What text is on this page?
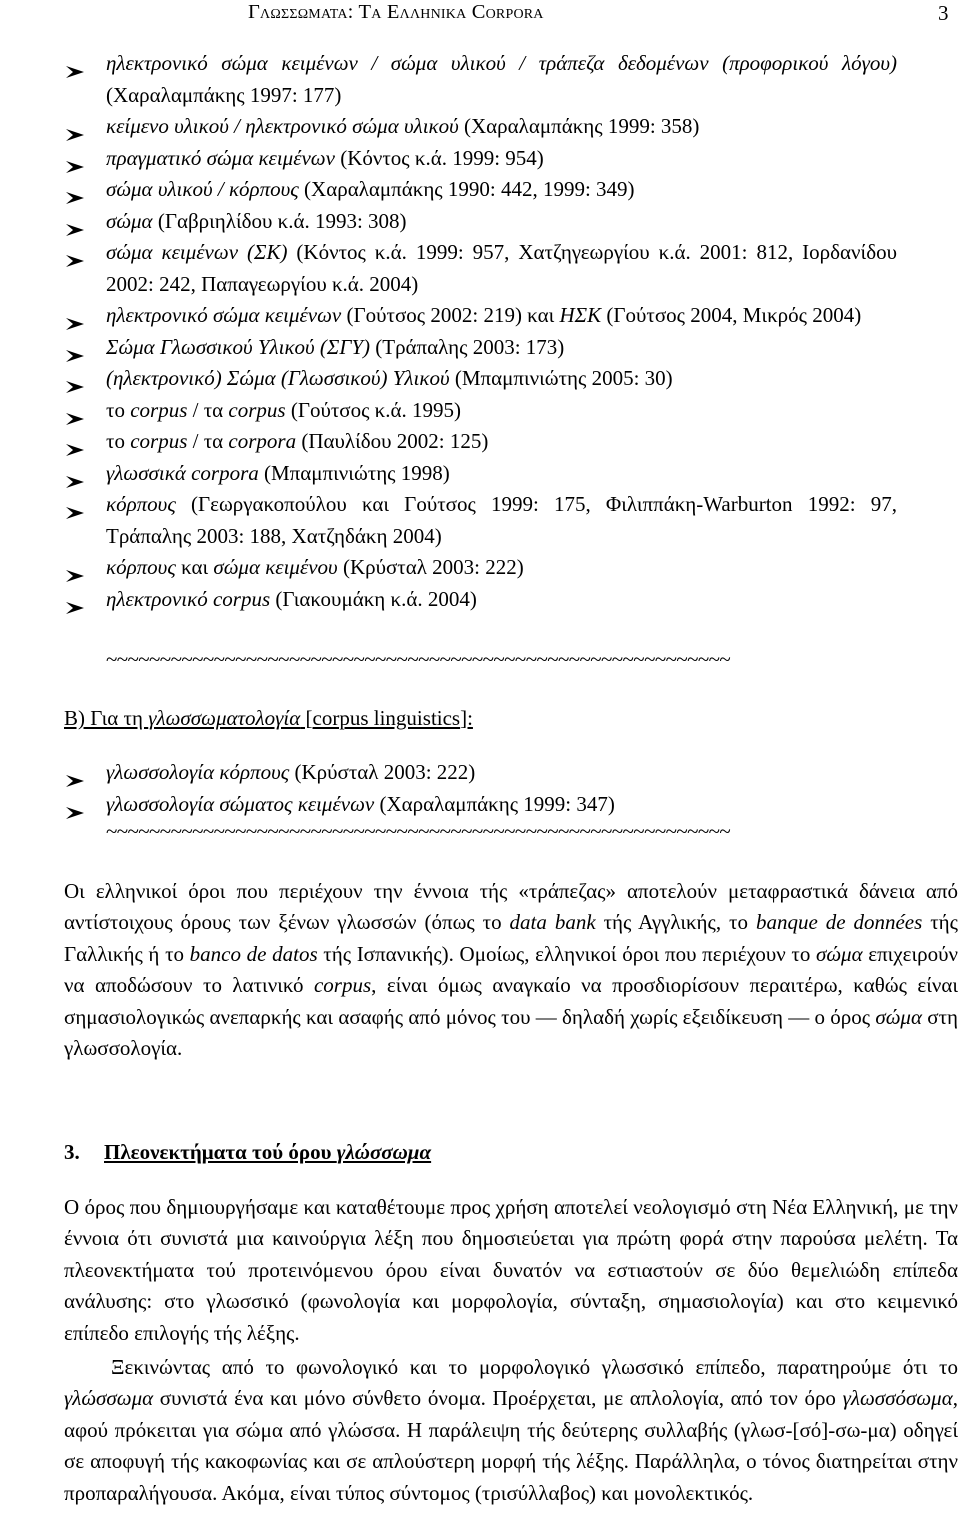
Γλωσσωματα: Τα Ελληνικα Corpora	3
ηλεκτρονικό σώμα κειμένων / σώμα υλικού / τράπεζα δεδομένων (προφορικού λόγου) (Χαραλαμπάκης 1997: 177)
κείμενο υλικού / ηλεκτρονικό σώμα υλικού (Χαραλαμπάκης 1999: 358)
πραγματικό σώμα κειμένων (Κόντος κ.ά. 1999: 954)
σώμα υλικού / κόρπους (Χαραλαμπάκης 1990: 442, 1999: 349)
σώμα (Γαβριηλίδου κ.ά. 1993: 308)
σώμα κειμένων (ΣΚ) (Κόντος κ.ά. 1999: 957, Χατζηγεωργίου κ.ά. 2001: 812, Ιορδανίδου 2002: 242, Παπαγεωργίου κ.ά. 2004)
ηλεκτρονικό σώμα κειμένων (Γούτσος 2002: 219) και ΗΣΚ (Γούτσος 2004, Μικρός 2004)
Σώμα Γλωσσικού Υλικού (ΣΓΥ) (Τράπαλης 2003: 173)
(ηλεκτρονικό) Σώμα (Γλωσσικού) Υλικού (Μπαμπινιώτης 2005: 30)
το corpus / τα corpus (Γούτσος κ.ά. 1995)
το corpus / τα corpora (Παυλίδου 2002: 125)
γλωσσικά corpora (Μπαμπινιώτης 1998)
κόρπους (Γεωργακοπούλου και Γούτσος 1999: 175, Φιλιππάκη-Warburton 1992: 97, Τράπαλης 2003: 188, Χατζηδάκη 2004)
κόρπους και σώμα κειμένου (Κρύσταλ 2003: 222)
ηλεκτρονικό corpus (Γιακουμάκη κ.ά. 2004)
~~~~~~~~~~~~~~~~~~~~~~~~~~~~~~~~~~~~~~~~~~~~~~~~~~~~~~~~~~
Β) Για τη γλωσσωματολογία [corpus linguistics]:
γλωσσολογία κόρπους (Κρύσταλ 2003: 222)
γλωσσολογία σώματος κειμένων (Χαραλαμπάκης 1999: 347)
~~~~~~~~~~~~~~~~~~~~~~~~~~~~~~~~~~~~~~~~~~~~~~~~~~~~~~~~~~
Οι ελληνικοί όροι που περιέχουν την έννοια τής «τράπεζας» αποτελούν μεταφραστικά δάνεια από αντίστοιχους όρους των ξένων γλωσσών (όπως το data bank τής Αγγλικής, το banque de données τής Γαλλικής ή το banco de datos τής Ισπανικής). Ομοίως, ελληνικοί όροι που περιέχουν το σώμα επιχειρούν να αποδώσουν το λατινικό corpus, είναι όμως αναγκαίο να προσδιορίσουν περαιτέρω, καθώς είναι σημασιολογικώς ανεπαρκής και ασαφής από μόνος του — δηλαδή χωρίς εξειδίκευση — ο όρος σώμα στη γλωσσολογία.
3. Πλεονεκτήματα τού όρου γλώσσωμα
Ο όρος που δημιουργήσαμε και καταθέτουμε προς χρήση αποτελεί νεολογισμό στη Νέα Ελληνική, με την έννοια ότι συνιστά μια καινούργια λέξη που δημοσιεύεται για πρώτη φορά στην παρούσα μελέτη. Τα πλεονεκτήματα τού προτεινόμενου όρου είναι δυνατόν να εστιαστούν σε δύο θεμελιώδη επίπεδα ανάλυσης: στο γλωσσικό (φωνολογία και μορφολογία, σύνταξη, σημασιολογία) και στο κειμενικό επίπεδο επιλογής τής λέξης.
Ξεκινώντας από το φωνολογικό και το μορφολογικό γλωσσικό επίπεδο, παρατηρούμε ότι το γλώσσωμα συνιστά ένα και μόνο σύνθετο όνομα. Προέρχεται, με απλολογία, από τον όρο γλωσσόσωμα, αφού πρόκειται για σώμα από γλώσσα. Η παράλειψη τής δεύτερης συλλαβής (γλωσ-[σό]-σω-μα) οδηγεί σε αποφυγή τής κακοφωνίας και σε απλούστερη μορφή τής λέξης. Παράλληλα, ο τόνος διατηρείται στην προπαραλήγουσα. Ακόμα, είναι τύπος σύντομος (τρισύλλαβος) και μονολεκτικός.
